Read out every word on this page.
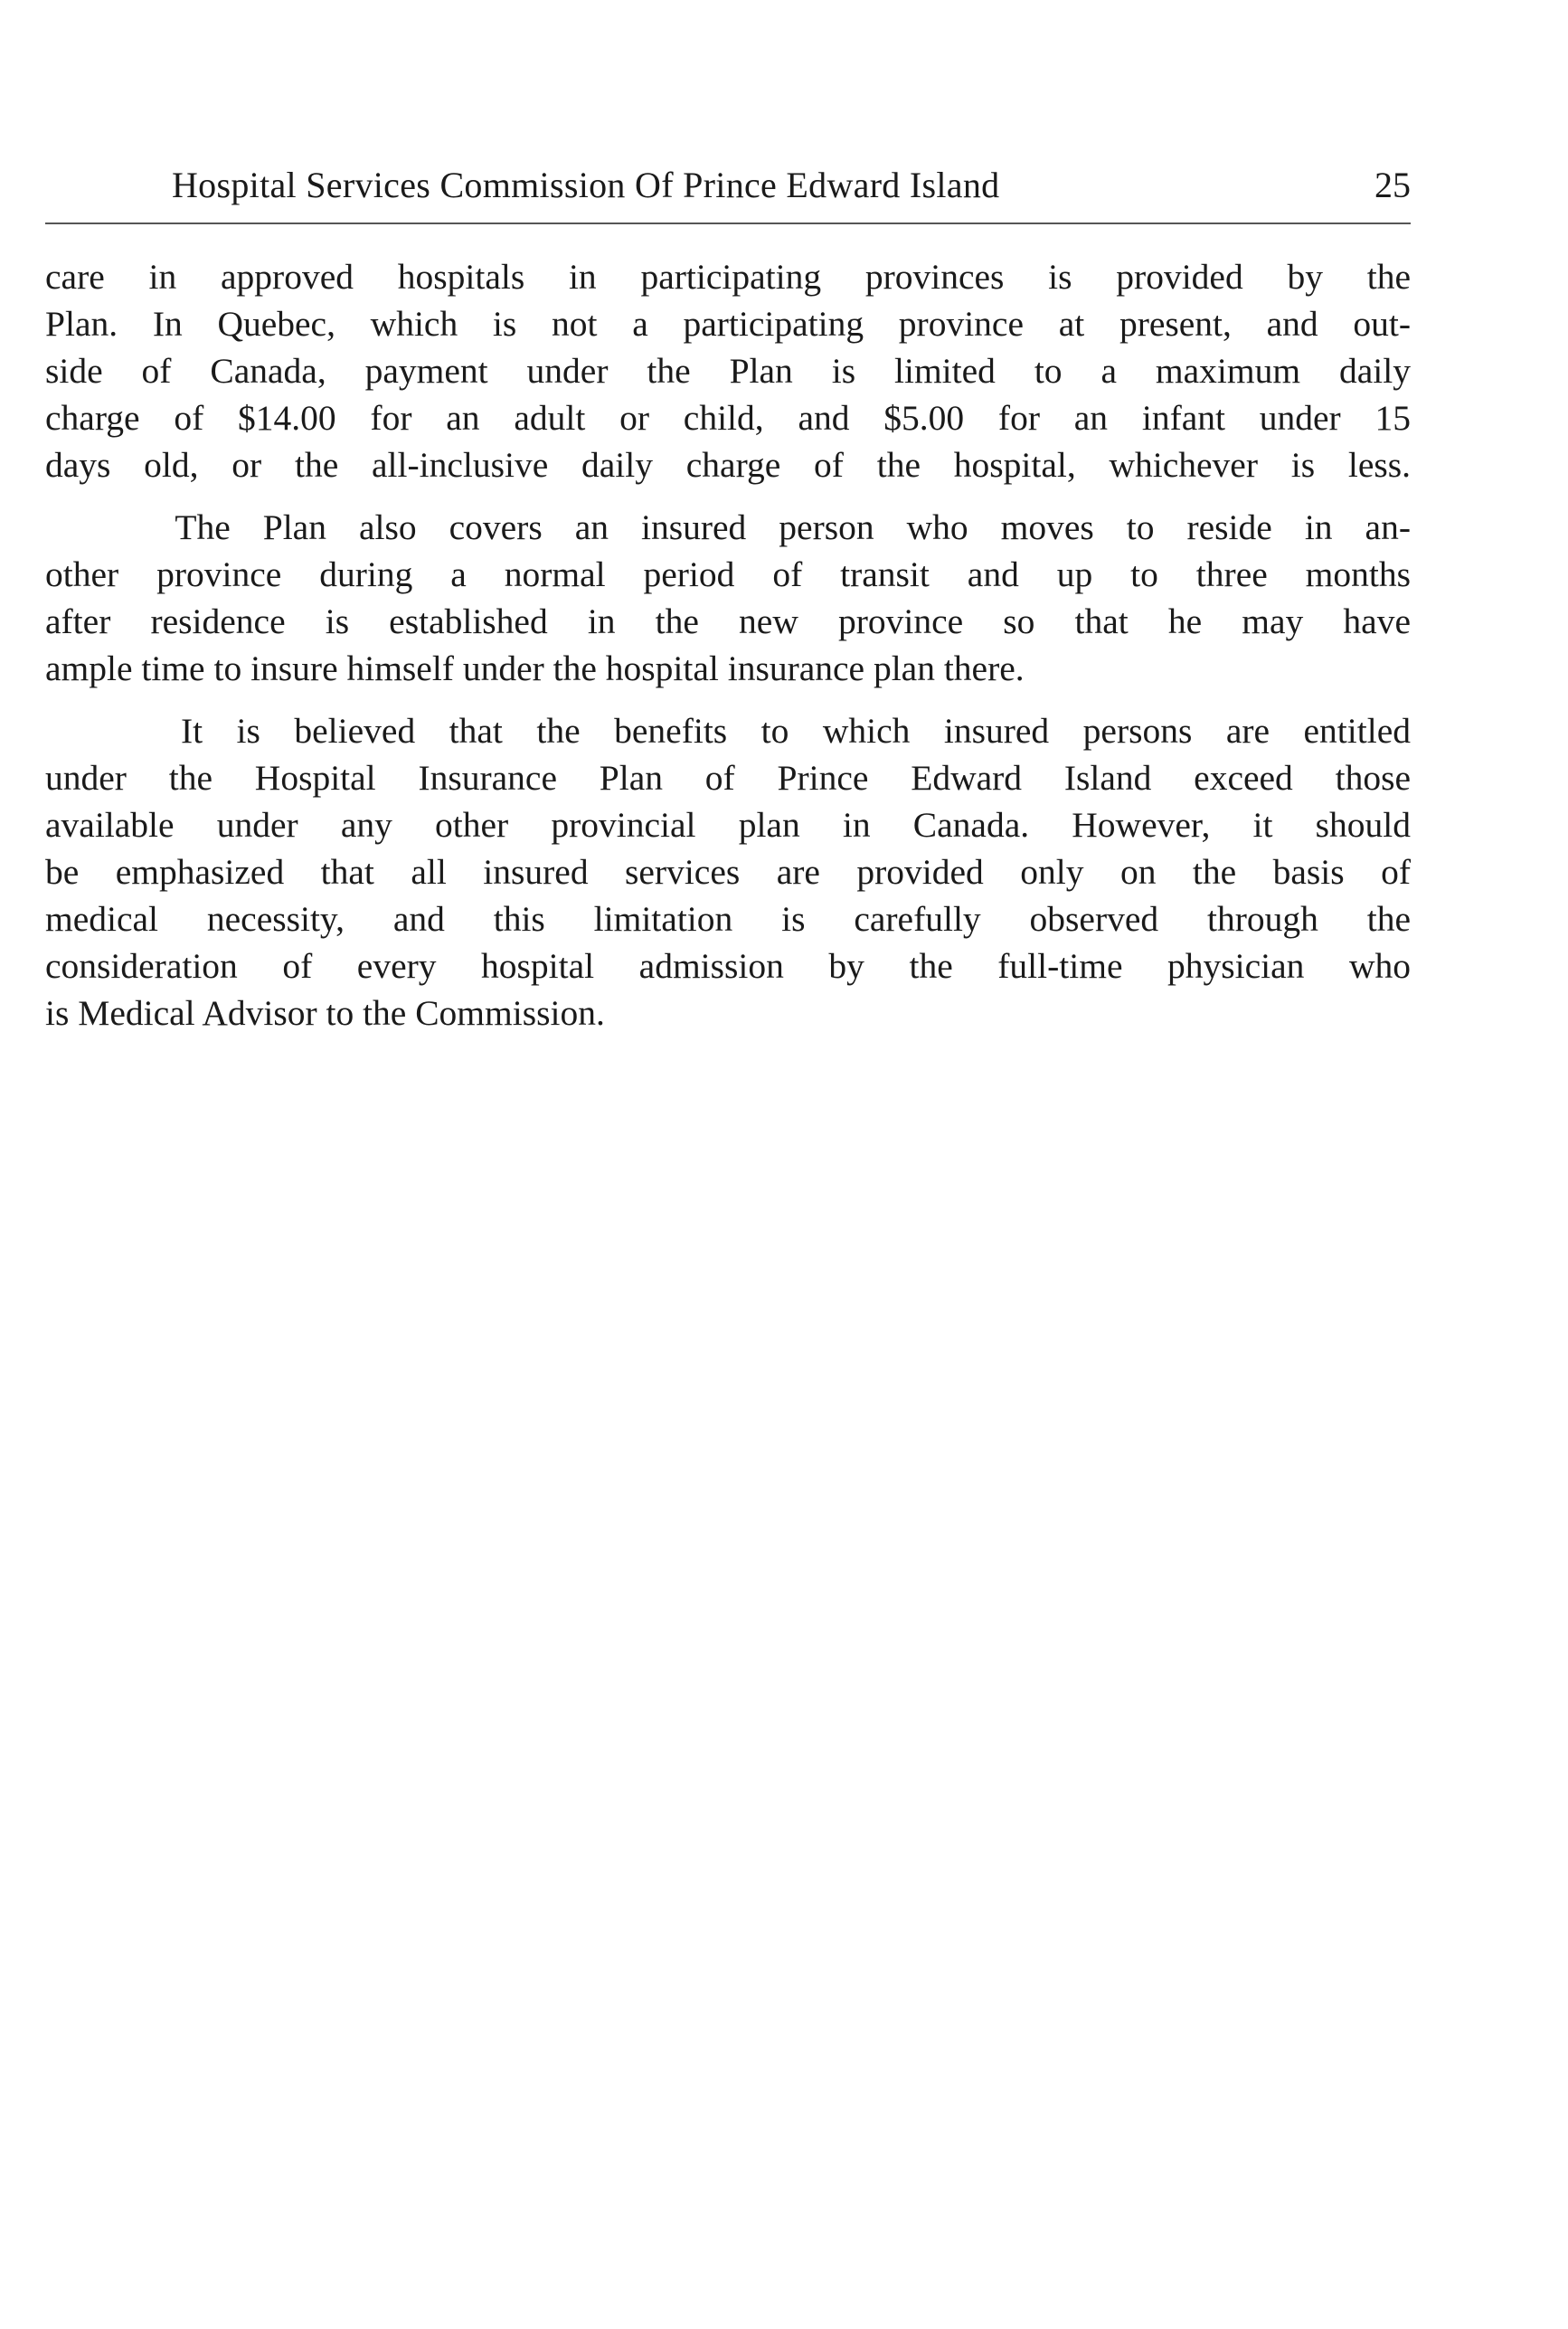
Hospital Services Commission Of Prince Edward Island	25
care in approved hospitals in participating provinces is provided by the
Plan. In Quebec, which is not a participating province at present, and out-
side of Canada, payment under the Plan is limited to a maximum daily
charge of $14.00 for an adult or child, and $5.00 for an infant under 15
days old, or the all-inclusive daily charge of the hospital, whichever is less.
The Plan also covers an insured person who moves to reside in an-
other province during a normal period of transit and up to three months
after residence is established in the new province so that he may have
ample time to insure himself under the hospital insurance plan there.
It is believed that the benefits to which insured persons are entitled
under the Hospital Insurance Plan of Prince Edward Island exceed those
available under any other provincial plan in Canada. However, it should
be emphasized that all insured services are provided only on the basis of
medical necessity, and this limitation is carefully observed through the
consideration of every hospital admission by the full-time physician who
is Medical Advisor to the Commission.
